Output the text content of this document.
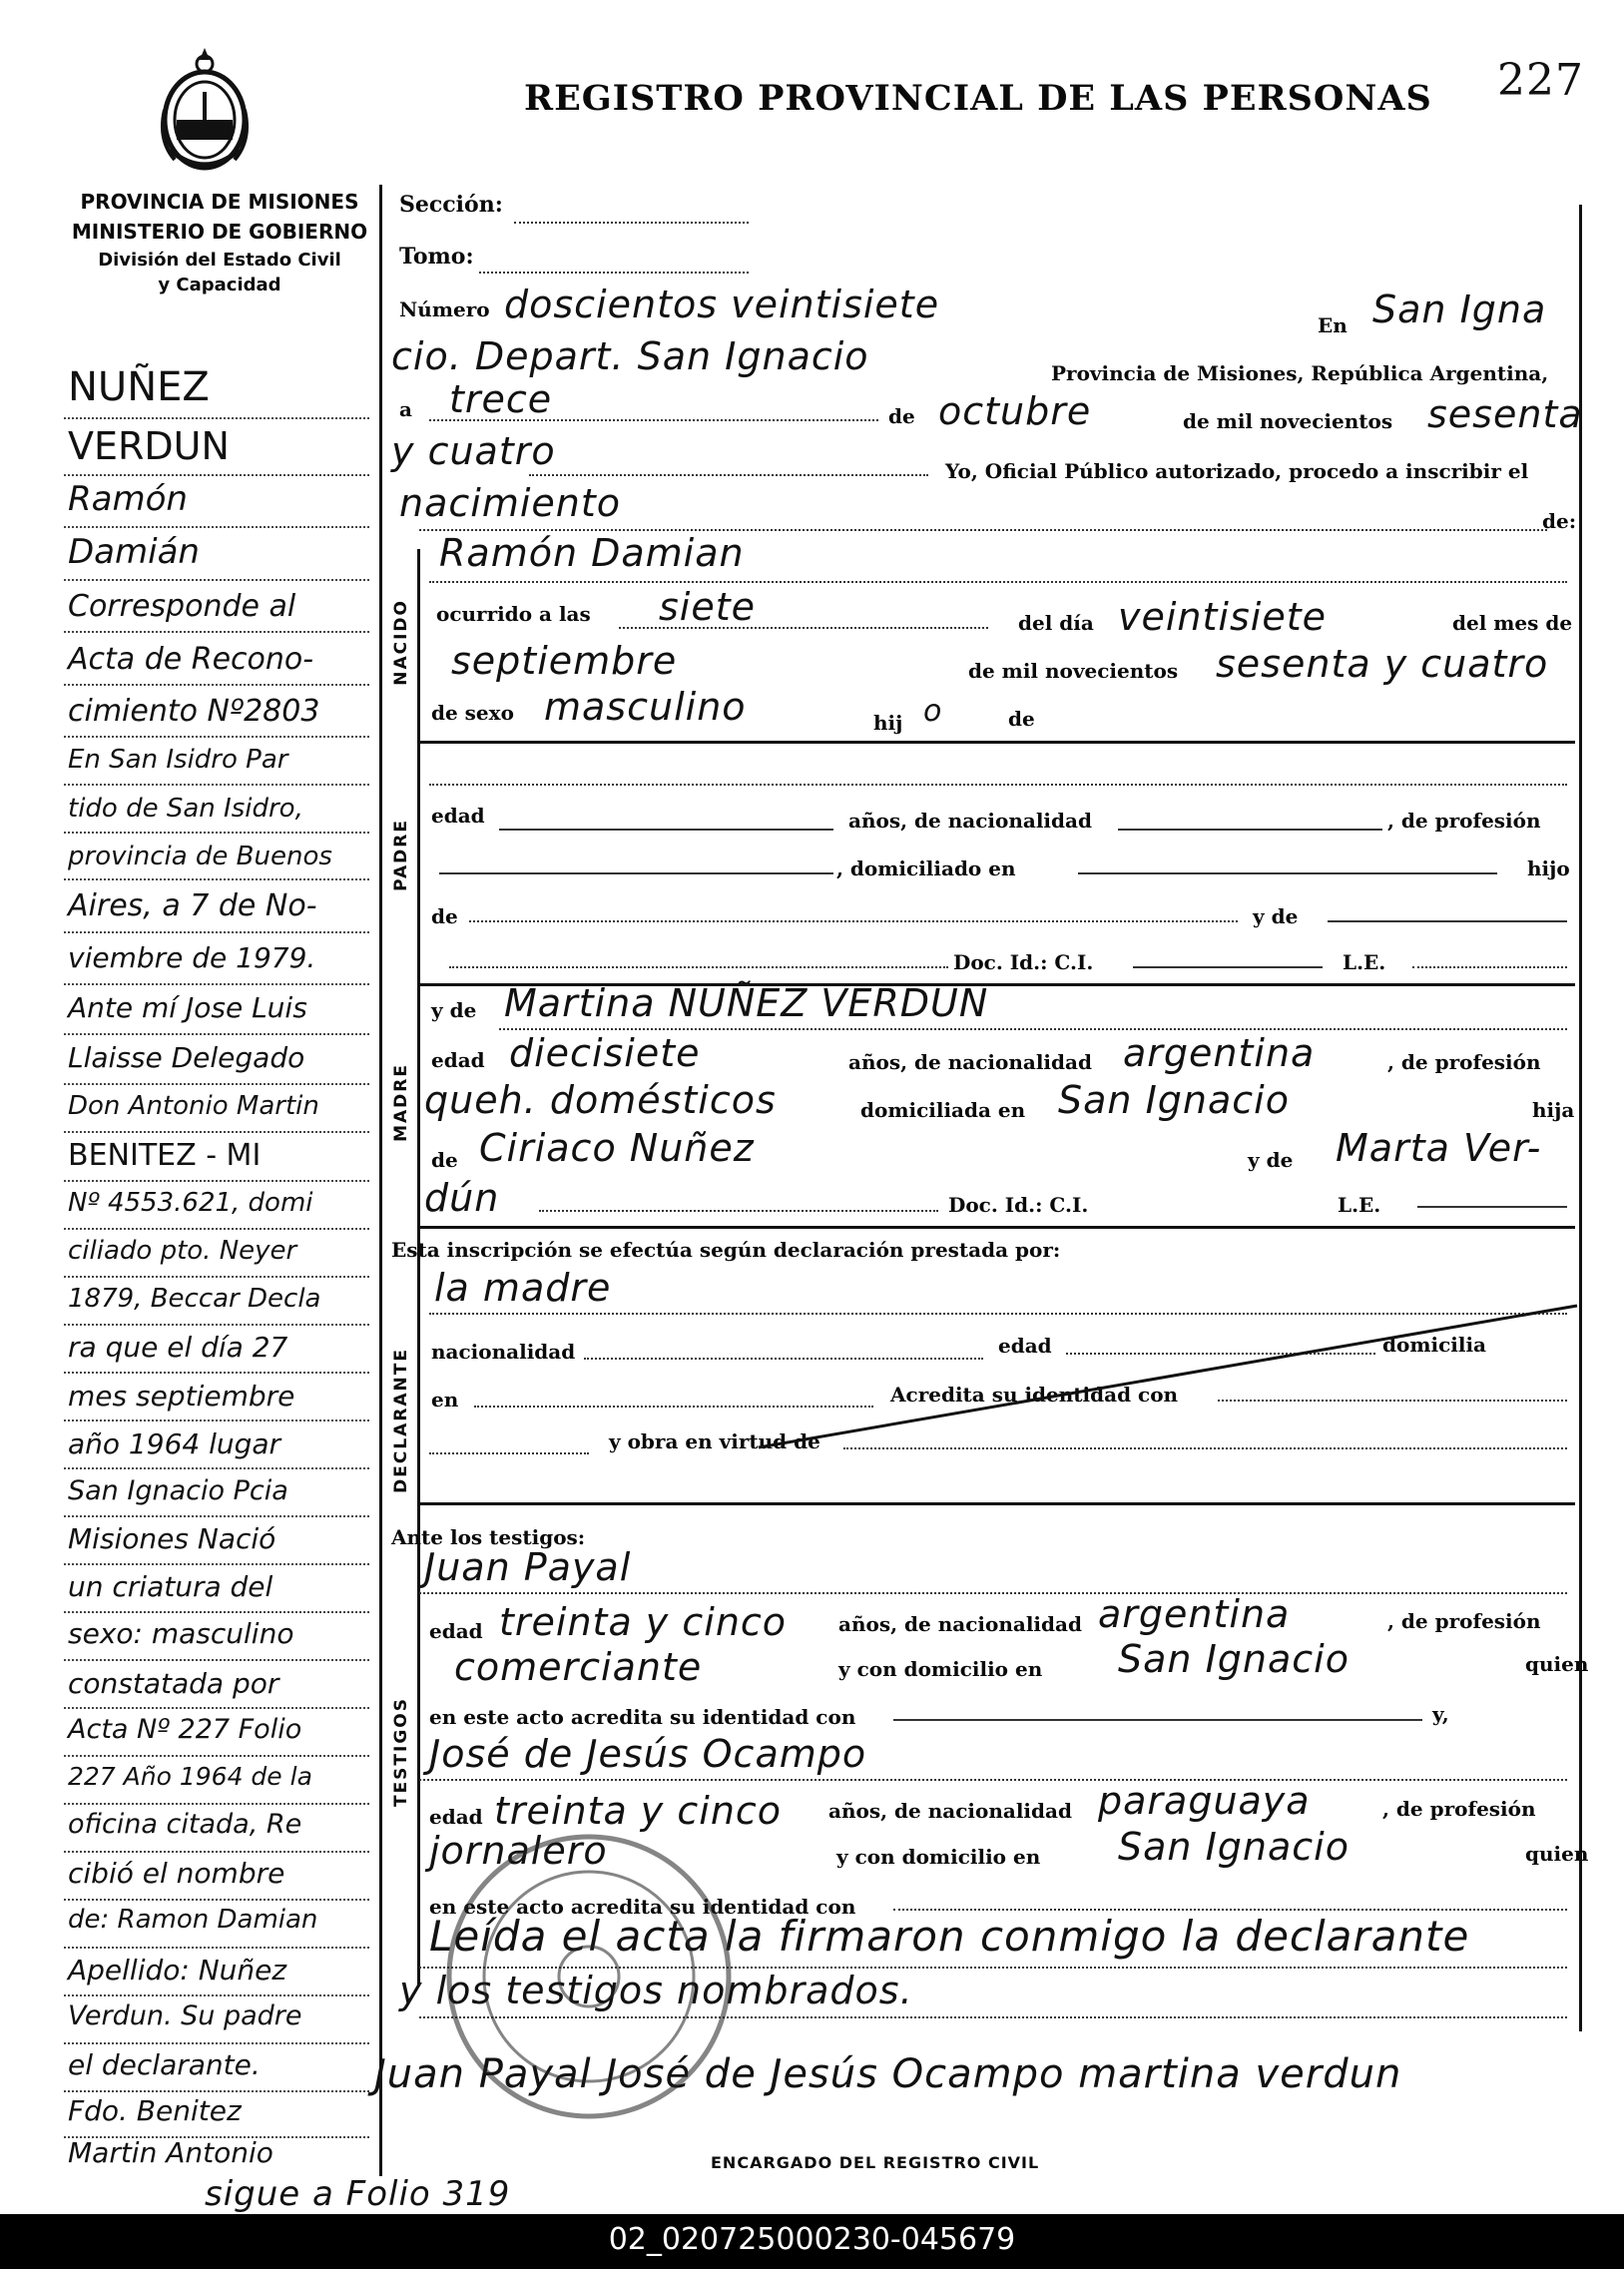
REGISTRO PROVINCIAL DE LAS PERSONAS 227
PROVINCIA DE MISIONES
MINISTERIO DE GOBIERNO
División del Estado Civil
y Capacidad
NACIDO
PADRE
MADRE
DECLARANTE
TESTIGOS
Sección:
Tomo:
Número doscientos veintisiete	En San Igna
cio. Depart. San Ignacio	Provincia de Misiones, República Argentina,
a trece	de octubre	de mil novecientos sesenta
y cuatro	Yo, Oficial Público autorizado, procedo a inscribir el
nacimiento	de:
Ramón Damian
ocurrido a las siete	del día veintisiete	del mes de
septiembre	de mil novecientos sesenta y cuatro
de sexo masculino	hij o	de
edad	años, de nacionalidad	, de profesión
, domiciliado en	hijo
de	y de
Doc. Id.: C.I.	L.E.
y de Martina NUÑEZ VERDUN
edad diecisiete	años, de nacionalidad argentina	, de profesión
queh. domésticos	domiciliada en San Ignacio	hija
de Ciriaco Nuñez	y de Marta Ver-
dún	Doc. Id.: C.I.	L.E.
Esta inscripción se efectúa según declaración prestada por:
la madre
nacionalidad	edad	domicilia
en	Acredita su identidad con
y obra en virtud de
Ante los testigos:
Juan Payal
edad treinta y cinco	años, de nacionalidad argentina	, de profesión
comerciante	y con domicilio en San Ignacio	quien
en este acto acredita su identidad con	y,
José de Jesús Ocampo
edad treinta y cinco años, de nacionalidad paraguaya	, de profesión
jornalero	y con domicilio en San Ignacio	quien
en este acto acredita su identidad con
Leída el acta la firmaron conmigo la declarante
y los testigos nombrados.
Juan Payal José de Jesús Ocampo martina verdun
ENCARGADO DEL REGISTRO CIVIL
NUÑEZ
VERDUN
Ramón
Damián
Corresponde al
Acta de Recono-
cimiento Nº2803
En San Isidro Par
tido de San Isidro,
provincia de Buenos
Aires, a 7 de No-
viembre de 1979.
Ante mí Jose Luis
Llaisse Delegado
Don Antonio Martin
BENITEZ - MI
Nº 4553.621, domi
ciliado pto. Neyer
1879, Beccar Decla
ra que el día 27
mes septiembre
año 1964 lugar
San Ignacio Pcia
Misiones Nació
un criatura del
sexo: masculino
constatada por
Acta Nº 227 Folio
227 Año 1964 de la
oficina citada, Re
cibió el nombre
de: Ramon Damian
Apellido: Nuñez
Verdun. Su padre
el declarante.
Fdo. Benitez
Martin Antonio
sigue a Folio 319
02_020725000230-045679
